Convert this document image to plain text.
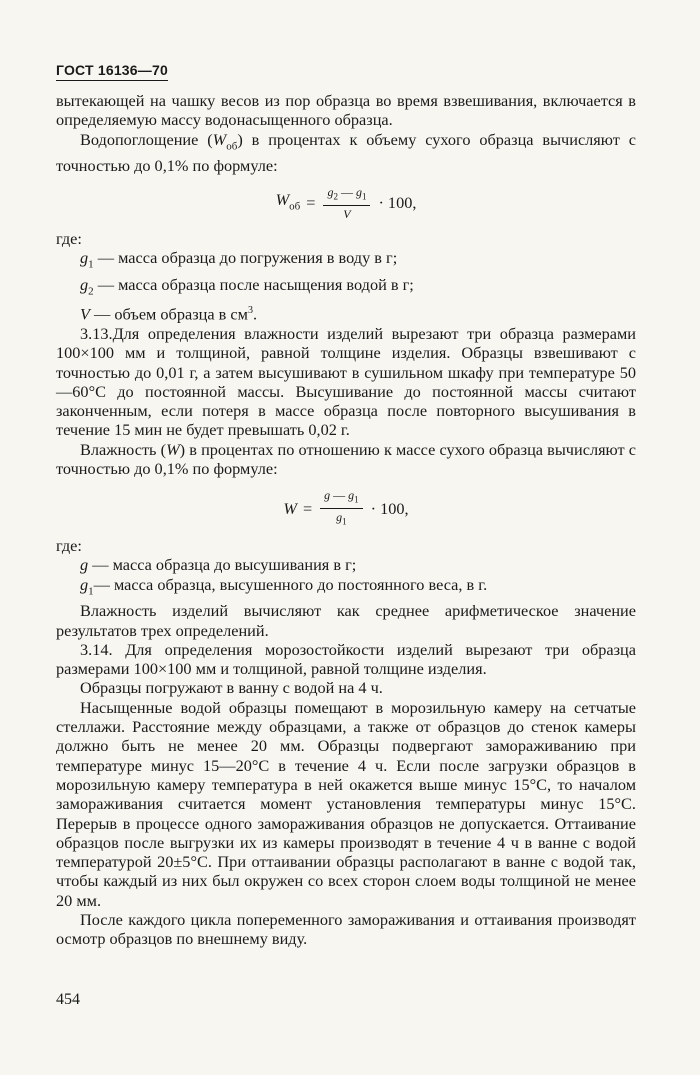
ГОСТ 16136—70

вытекающей на чашку весов из пор образца во время взвешивания, включается в определяемую массу водонасыщенного образца.

Водопоглощение $(W_{об})$ в процентах к объему сухого образца вычисляют с точностью до 0,1% по формуле:

$W_{об} = \frac{g_2 — g_1}{V} \cdot 100$,

где:

$g_1$ — масса образца до погружения в воду в г;

$g_2$ — масса образца после насыщения водой в г;

V — объем образца в $см^3$.

3.13.Для определения влажности изделий вырезают три образца размерами 100×100 мм и толщиной, равной толщине изделия. Образцы взвешивают с точностью до 0,01 г, а затем высушивают в сушильном шкафу при температуре 50—60°С до постоянной массы. Высушивание до постоянной массы считают законченным, если потеря в массе образца после повторного высушивания в течение 15 мин не будет превышать 0,02 г.

Влажность (W) в процентах по отношению к массе сухого образца вычисляют с точностью до 0,1% по формуле:

$W = \frac{g — g_1}{g_1} \cdot 100$,

где:

g — масса образца до высушивания в г;

$g_1—$ масса образца, высушенного до постоянного веса, в г.

Влажность изделий вычисляют как среднее арифметическое значение результатов трех определений.

3.14. Для определения морозостойкости изделий вырезают три образца размерами 100×100 мм и толщиной, равной толщине изделия.

Образцы погружают в ванну с водой на 4 ч.

Насыщенные водой образцы помещают в морозильную камеру на сетчатые стеллажи. Расстояние между образцами, а также от образцов до стенок камеры должно быть не менее 20 мм. Образцы подвергают замораживанию при температуре минус 15—20°С в течение 4 ч. Если после загрузки образцов в морозильную камеру температура в ней окажется выше минус 15°С, то началом замораживания считается момент установления температуры минус 15°С. Перерыв в процессе одного замораживания образцов не допускается. Оттаивание образцов после выгрузки их из камеры производят в течение 4 ч в ванне с водой температурой 20±5°С. При оттаивании образцы располагают в ванне с водой так, чтобы каждый из них был окружен со всех сторон слоем воды толщиной не менее 20 мм.

После каждого цикла попеременного замораживания и оттаивания производят осмотр образцов по внешнему виду.

454
